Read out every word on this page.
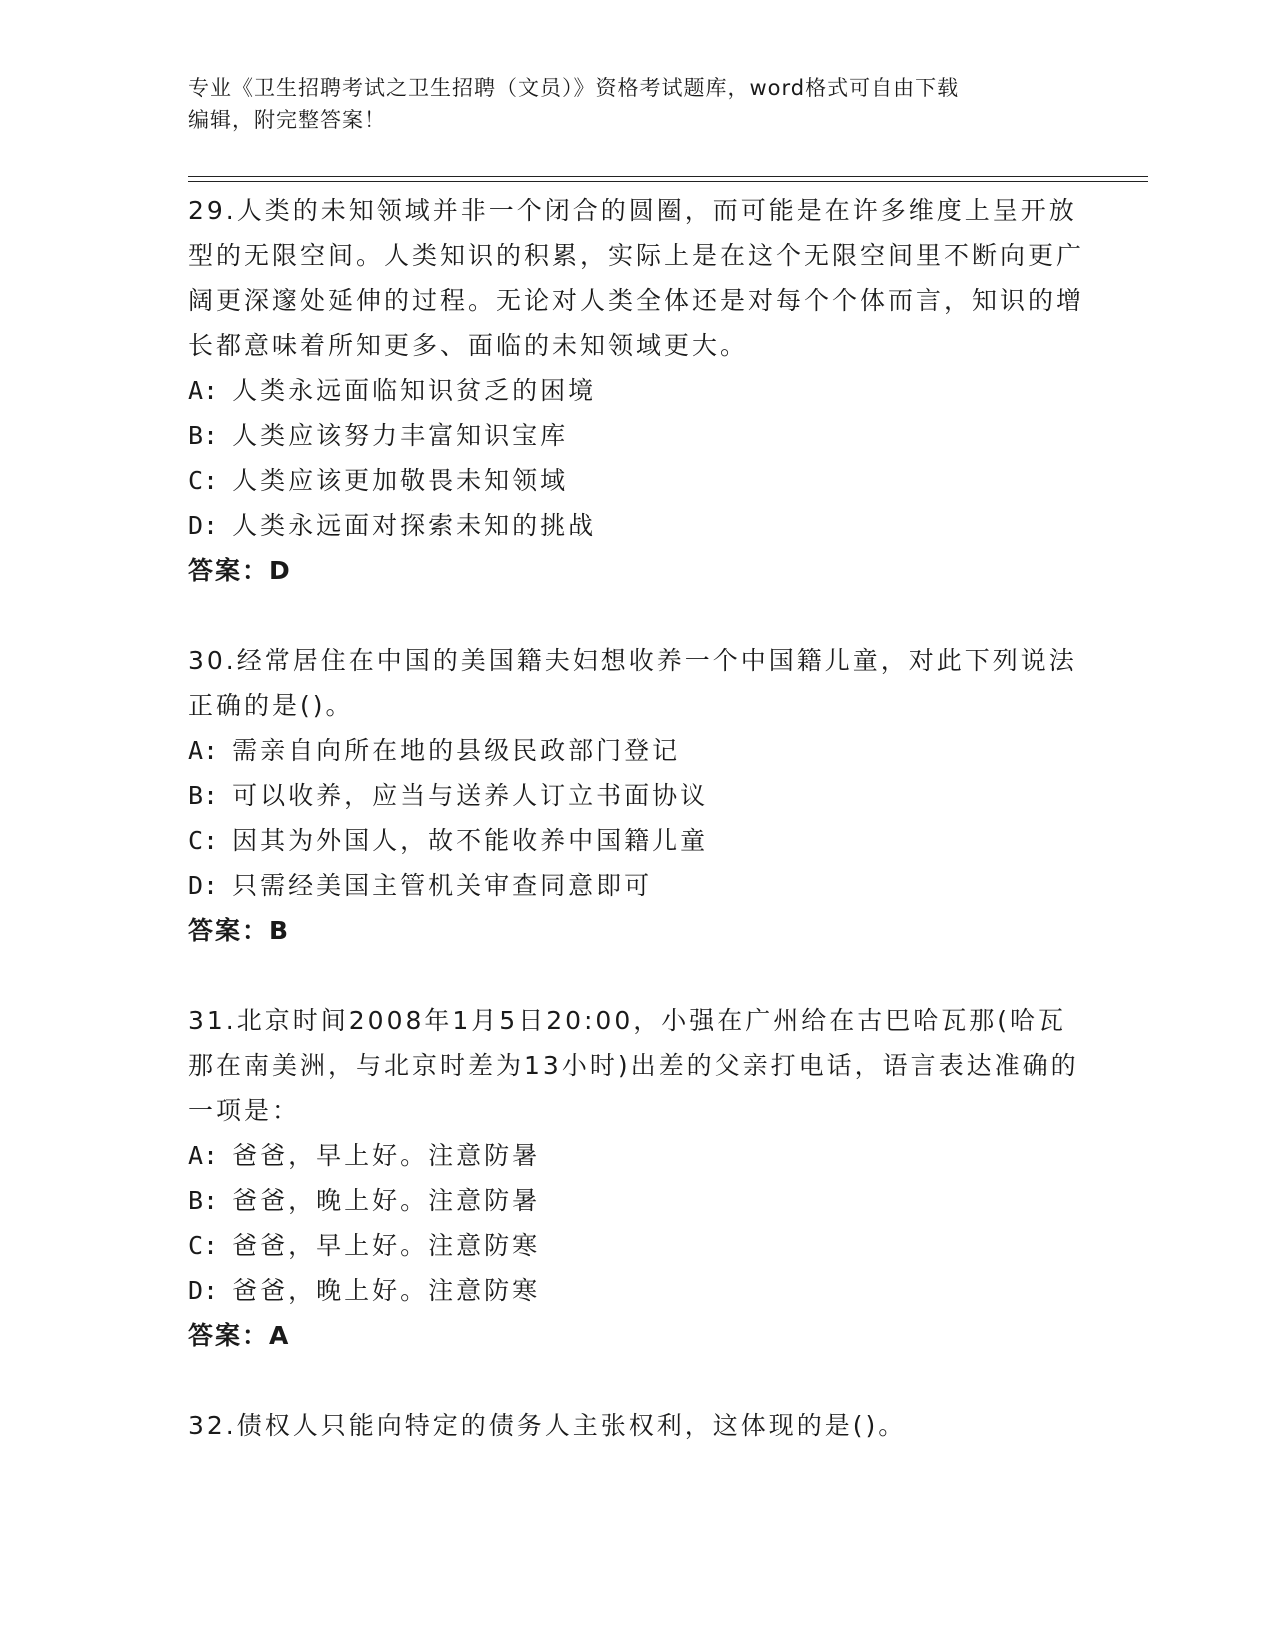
专业《卫生招聘考试之卫生招聘（文员）》资格考试题库，word格式可自由下载
编辑，附完整答案！

29.人类的未知领域并非一个闭合的圆圈，而可能是在许多维度上呈开放型的无限空间。人类知识的积累，实际上是在这个无限空间里不断向更广阔更深邃处延伸的过程。无论对人类全体还是对每个个体而言，知识的增长都意味着所知更多、面临的未知领域更大。

A: 人类永远面临知识贫乏的困境

B: 人类应该努力丰富知识宝库

C: 人类应该更加敬畏未知领域

D: 人类永远面对探索未知的挑战

答案：D

30.经常居住在中国的美国籍夫妇想收养一个中国籍儿童，对此下列说法正确的是()。

A: 需亲自向所在地的县级民政部门登记

B: 可以收养，应当与送养人订立书面协议

C: 因其为外国人，故不能收养中国籍儿童

D: 只需经美国主管机关审查同意即可

答案：B

31.北京时间2008年1月5日20:00，小强在广州给在古巴哈瓦那(哈瓦那在南美洲，与北京时差为13小时)出差的父亲打电话，语言表达准确的一项是：

A: 爸爸，早上好。注意防暑

B: 爸爸，晚上好。注意防暑

C: 爸爸，早上好。注意防寒

D: 爸爸，晚上好。注意防寒

答案：A

32.债权人只能向特定的债务人主张权利，这体现的是()。
